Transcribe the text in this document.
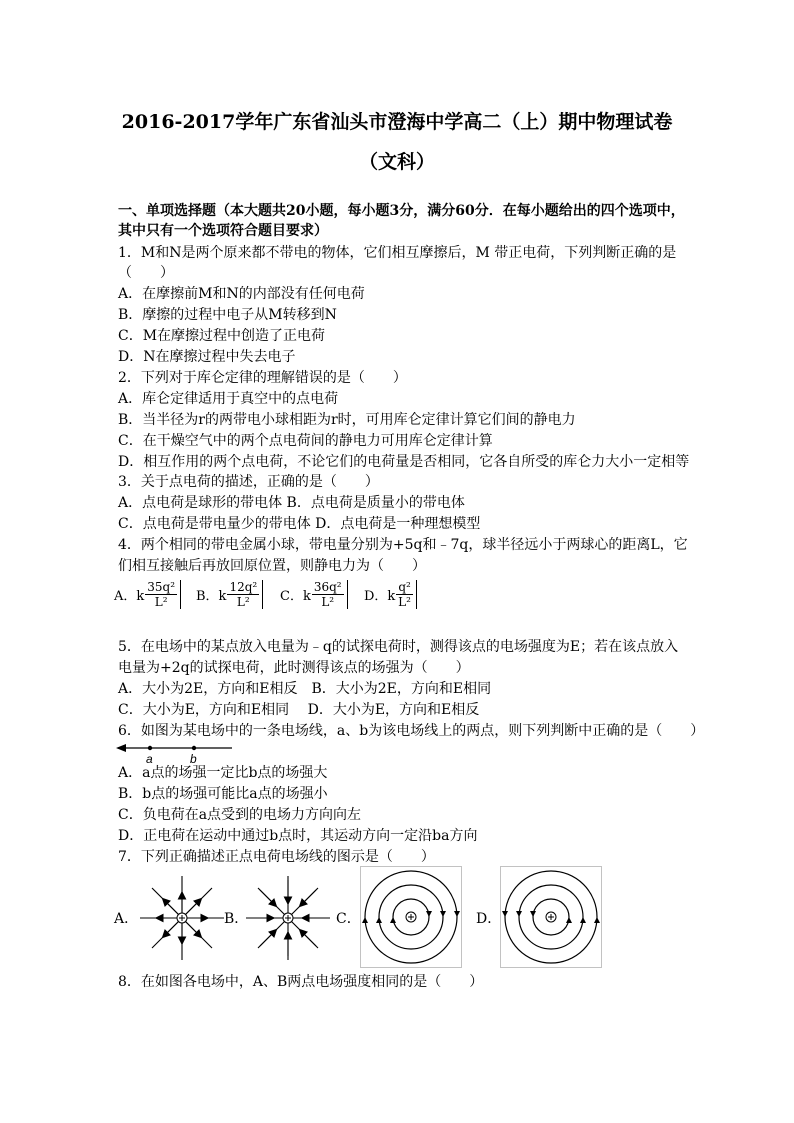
2016-2017学年广东省汕头市澄海中学高二（上）期中物理试卷
（文科）
一、单项选择题（本大题共20小题，每小题3分，满分60分．在每小题给出的四个选项中，
其中只有一个选项符合题目要求）
1．M和N是两个原来都不带电的物体，它们相互摩擦后，M 带正电荷，下列判断正确的是
（　　）
A．在摩擦前M和N的内部没有任何电荷
B．摩擦的过程中电子从M转移到N
C．M在摩擦过程中创造了正电荷
D．N在摩擦过程中失去电子
2．下列对于库仑定律的理解错误的是（　　）
A．库仑定律适用于真空中的点电荷
B．当半径为r的两带电小球相距为r时，可用库仑定律计算它们间的静电力
C．在干燥空气中的两个点电荷间的静电力可用库仑定律计算
D．相互作用的两个点电荷，不论它们的电荷量是否相同，它各自所受的库仑力大小一定相等
3．关于点电荷的描述，正确的是（　　）
A．点电荷是球形的带电体 B．点电荷是质量小的带电体
C．点电荷是带电量少的带电体 D．点电荷是一种理想模型
4．两个相同的带电金属小球，带电量分别为+5q和﹣7q，球半径远小于两球心的距离L，它
们相互接触后再放回原位置，则静电力为（　　）
A．k $\frac{\text{35q²}}{\text{L²}}$ B．k $\frac{\text{12q²}}{\text{L²}}$ C．k $\frac{\text{36q²}}{\text{L²}}$ D．k $\frac{\text{q²}}{\text{L²}}$
5．在电场中的某点放入电量为﹣q的试探电荷时，测得该点的电场强度为E；若在该点放入
电量为+2q的试探电荷，此时测得该点的场强为（　　）
A．大小为2E，方向和E相反　B．大小为2E，方向和E相同
C．大小为E，方向和E相同　 D．大小为E，方向和E相反
6．如图为某电场中的一条电场线，a、b为该电场线上的两点，则下列判断中正确的是（　　）
a	b
A．a点的场强一定比b点的场强大
B．b点的场强可能比a点的场强小
C．负电荷在a点受到的电场力方向向左
D．正电荷在运动中通过b点时，其运动方向一定沿ba方向
7．下列正确描述正点电荷电场线的图示是（　　）
A．	B．	C．	D．
8．在如图各电场中，A、B两点电场强度相同的是（　　）
